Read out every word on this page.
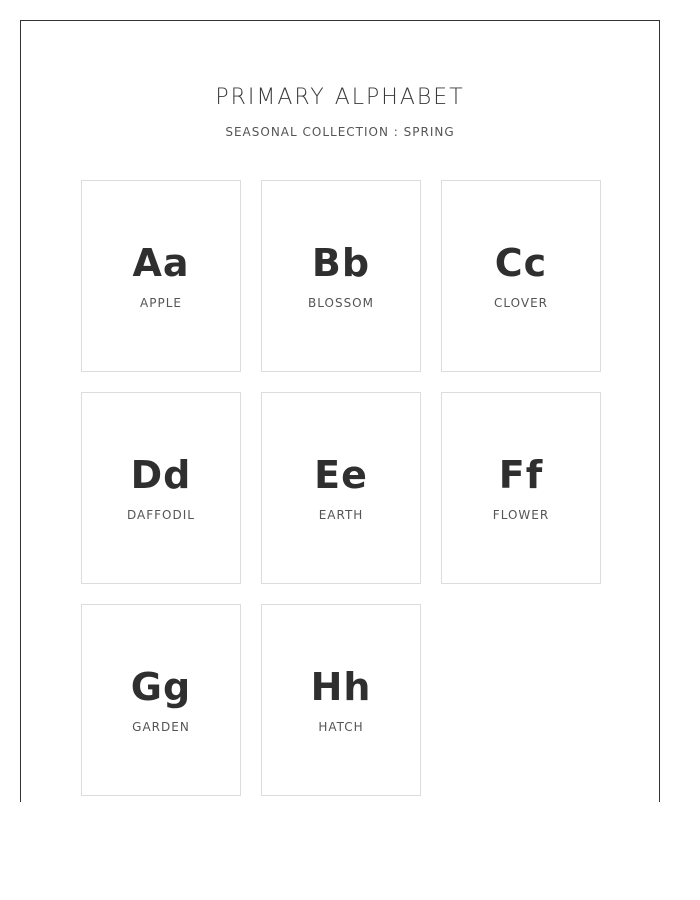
PRIMARY ALPHABET

SEASONAL COLLECTION : SPRING

Aa
APPLE
Bb
BLOSSOM
Cc
CLOVER
Dd
DAFFODIL
Ee
EARTH
Ff
FLOWER
Gg
GARDEN
Hh
HATCH
